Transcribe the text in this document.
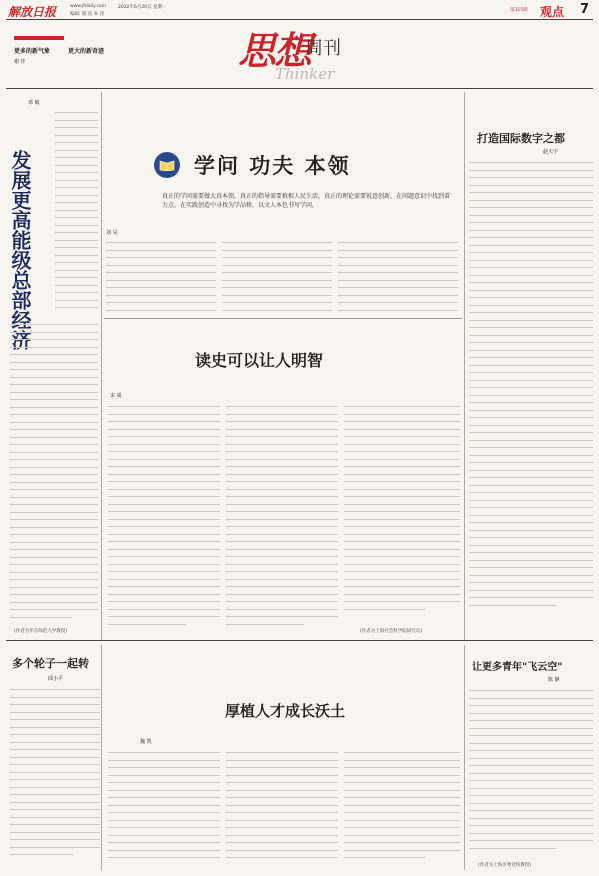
解放日报	www.jfdaily.com	2022年6月20日 星期一
编辑: 殷 洁 朱 伟
第315期 观点 7
思想
周刊
Thinker
更多的新气象	更大的新奇迹
谢 佳
邓 敏
发展更高能级总部经济
(作者为华东师范大学教授)
学问 功夫 本领
真正的学问需要做大真本领，真正的指导需要植根人民生活，真正的理论需要锐意创新，在问题意识中找到着力点，在实践创造中寻找为学品格，以文人本色书写学问。
刘 昊
打造国际数字之都
赵天宇
读史可以让人明智
宋 成
(作者为上海社会科学院研究员)
多个轮子一起转
邱小平
厚植人才成长沃土
魏 凯
让更多青年"飞云空"
陈 静
(作者为上海市委党校教授)
